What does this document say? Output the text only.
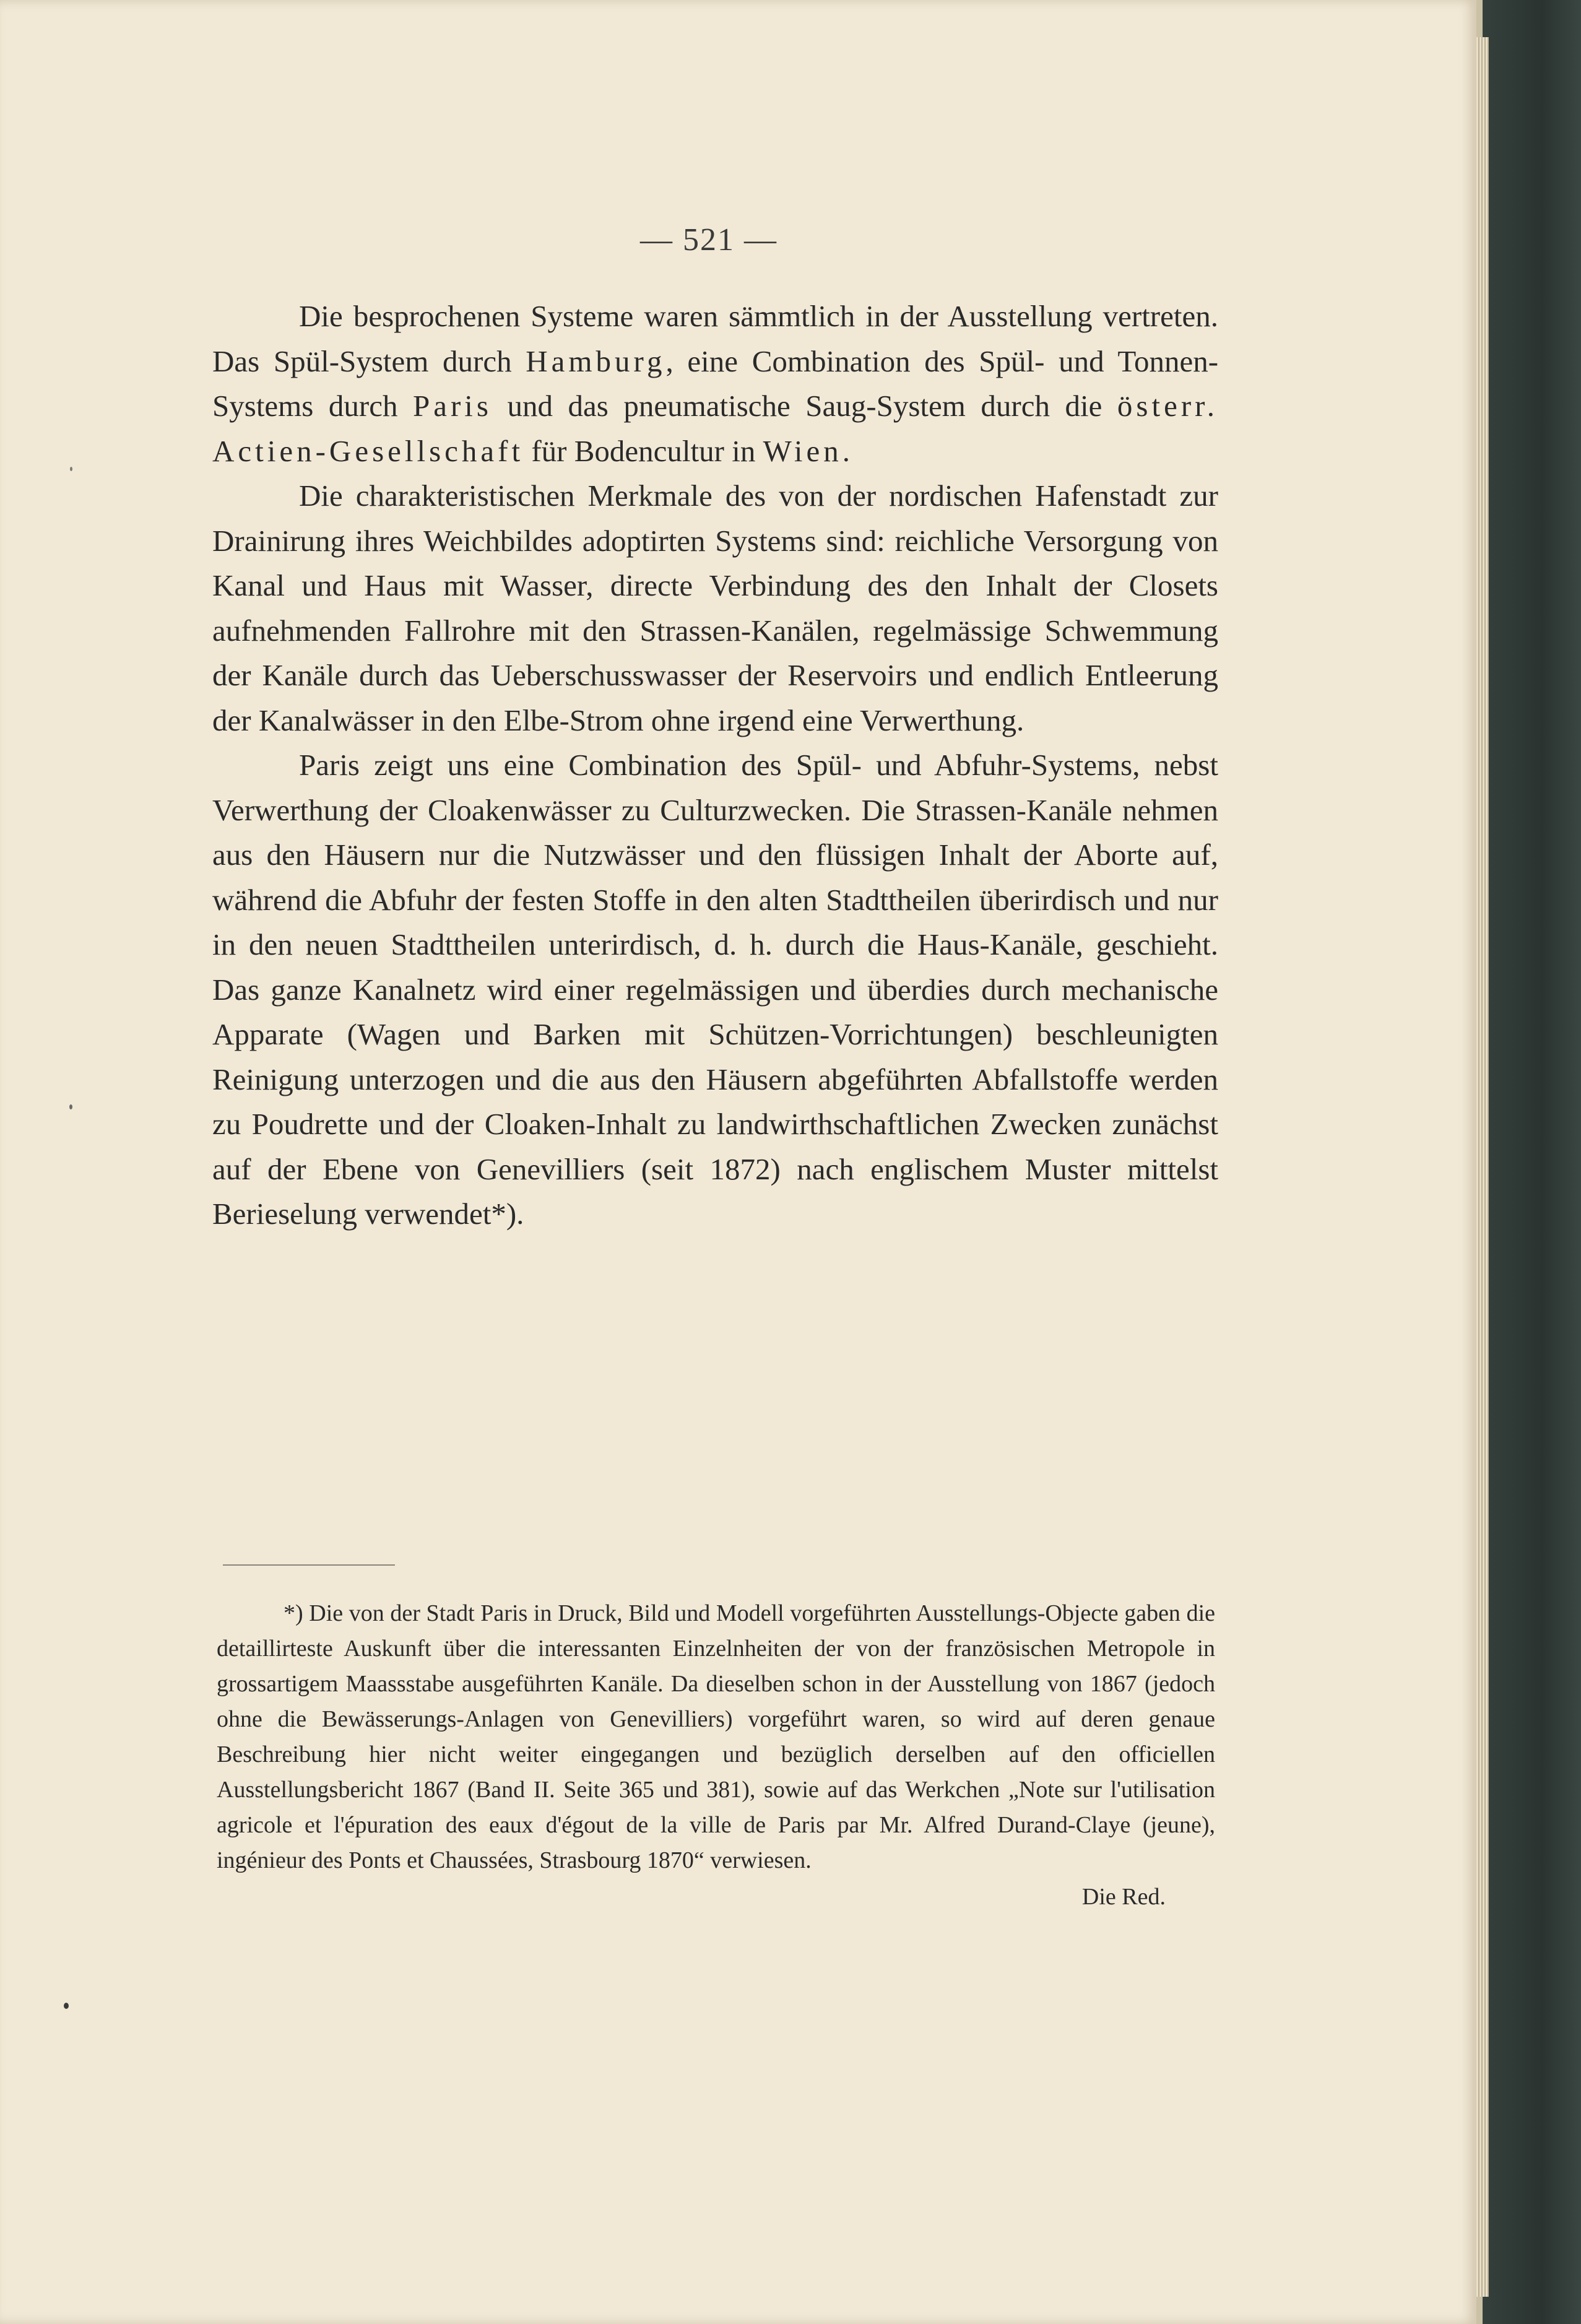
— 521 —

Die besprochenen Systeme waren sämmtlich in der Ausstellung vertreten. Das Spül-System durch Hamburg, eine Combination des Spül- und Tonnen-Systems durch Paris und das pneumatische Saug-System durch die österr. Actien-Gesellschaft für Bodencultur in Wien.

Die charakteristischen Merkmale des von der nordischen Hafenstadt zur Drainirung ihres Weichbildes adoptirten Systems sind: reichliche Versorgung von Kanal und Haus mit Wasser, directe Verbindung des den Inhalt der Closets aufnehmenden Fallrohre mit den Strassen-Kanälen, regelmässige Schwemmung der Kanäle durch das Ueberschusswasser der Reservoirs und endlich Entleerung der Kanalwässer in den Elbe-Strom ohne irgend eine Verwerthung.

Paris zeigt uns eine Combination des Spül- und Abfuhr-Systems, nebst Verwerthung der Cloakenwässer zu Culturzwecken. Die Strassen-Kanäle nehmen aus den Häusern nur die Nutzwässer und den flüssigen Inhalt der Aborte auf, während die Abfuhr der festen Stoffe in den alten Stadttheilen überirdisch und nur in den neuen Stadttheilen unterirdisch, d. h. durch die Haus-Kanäle, geschieht. Das ganze Kanalnetz wird einer regelmässigen und überdies durch mechanische Apparate (Wagen und Barken mit Schützen-Vorrichtungen) beschleunigten Reinigung unterzogen und die aus den Häusern abgeführten Abfallstoffe werden zu Poudrette und der Cloaken-Inhalt zu landwirthschaftlichen Zwecken zunächst auf der Ebene von Genevilliers (seit 1872) nach englischem Muster mittelst Berieselung verwendet*).

*) Die von der Stadt Paris in Druck, Bild und Modell vorgeführten Ausstellungs-Objecte gaben die detaillirteste Auskunft über die interessanten Einzelnheiten der von der französischen Metropole in grossartigem Maassstabe ausgeführten Kanäle. Da dieselben schon in der Ausstellung von 1867 (jedoch ohne die Bewässerungs-Anlagen von Genevilliers) vorgeführt waren, so wird auf deren genaue Beschreibung hier nicht weiter eingegangen und bezüglich derselben auf den officiellen Ausstellungsbericht 1867 (Band II. Seite 365 und 381), sowie auf das Werkchen „Note sur l'utilisation agricole et l'épuration des eaux d'égout de la ville de Paris par Mr. Alfred Durand-Claye (jeune), ingénieur des Ponts et Chaussées, Strasbourg 1870“ verwiesen.

Die Red.
